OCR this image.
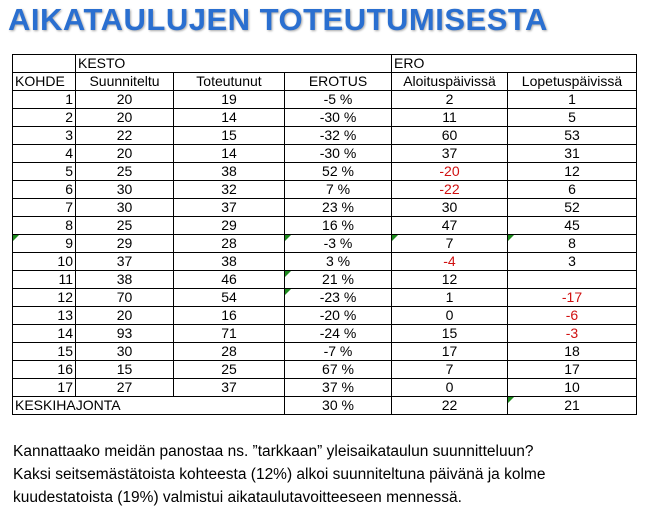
AIKATAULUJEN TOTEUTUMISESTA
	KESTO			ERO	
KOHDE	Suunniteltu	Toteutunut	EROTUS	Aloituspäivissä	Lopetuspäivissä
1	20	19	-5 %	2	1
2	20	14	-30 %	11	5
3	22	15	-32 %	60	53
4	20	14	-30 %	37	31
5	25	38	52 %	-20	12
6	30	32	7 %	-22	6
7	30	37	23 %	30	52
8	25	29	16 %	47	45
9	29	28	-3 %	7	8
10	37	38	3 %	-4	3
11	38	46	21 %	12	
12	70	54	-23 %	1	-17
13	20	16	-20 %	0	-6
14	93	71	-24 %	15	-3
15	30	28	-7 %	17	18
16	15	25	67 %	7	17
17	27	37	37 %	0	10
KESKIHAJONTA			30 %	22	21

Kannattaako meidän panostaa ns. ”tarkkaan” yleisaikataulun suunnitteluun?

Kaksi seitsemästätoista kohteesta (12%) alkoi suunniteltuna päivänä ja kolme kuudestatoista (19%) valmistui aikataulutavoitteeseen mennessä.
